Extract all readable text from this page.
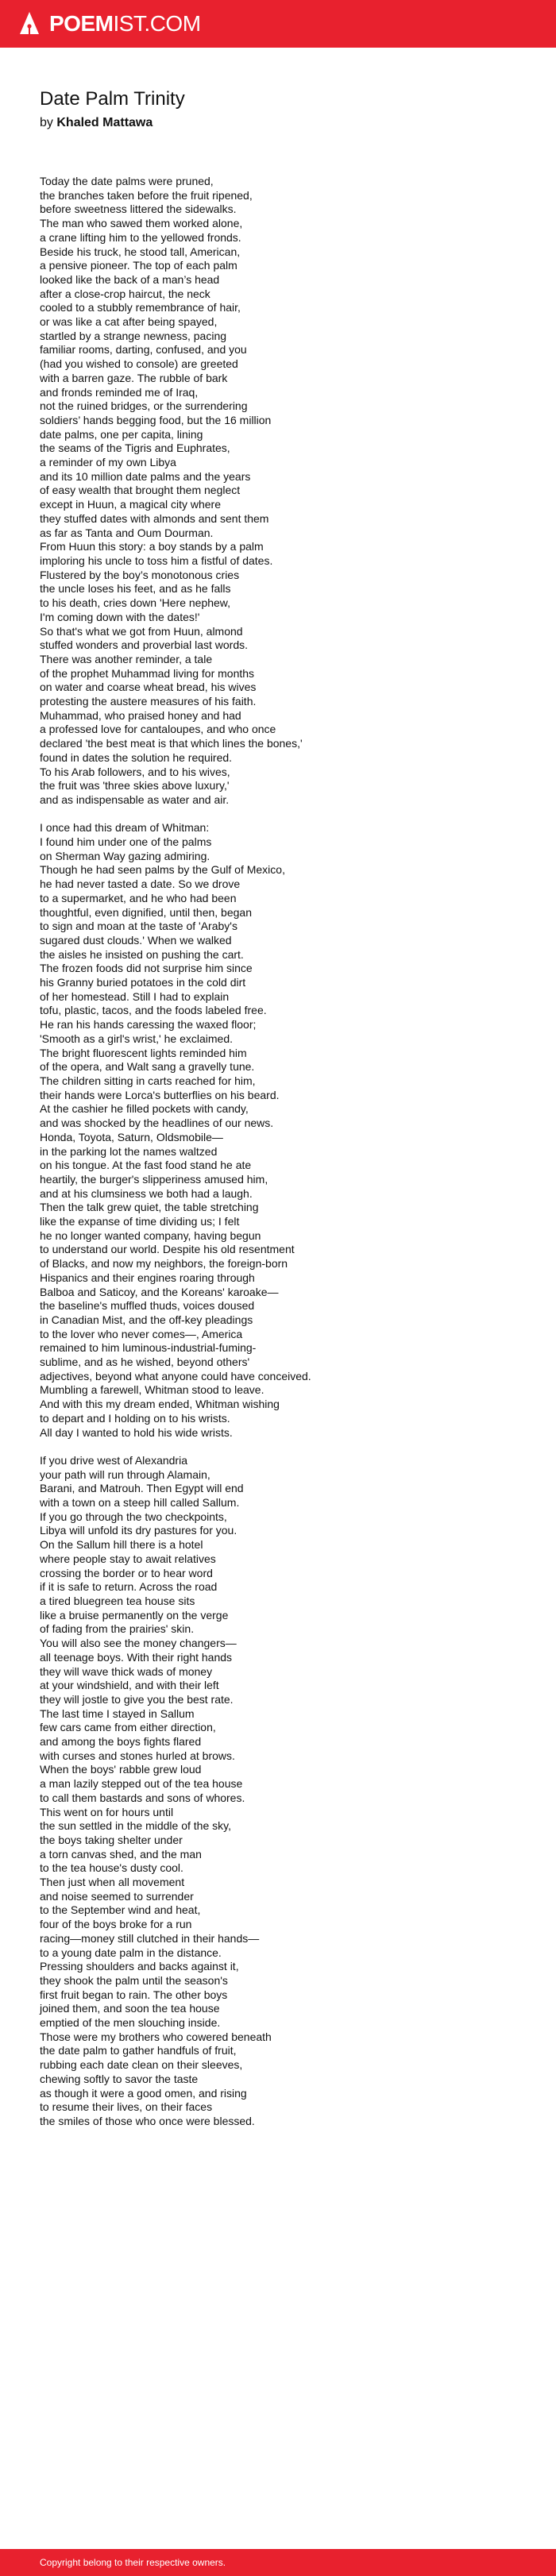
POEMIST.COM
Date Palm Trinity

by Khaled Mattawa

Today the date palms were pruned,
the branches taken before the fruit ripened,
before sweetness littered the sidewalks.
The man who sawed them worked alone,
a crane lifting him to the yellowed fronds.
Beside his truck, he stood tall, American,
a pensive pioneer. The top of each palm
looked like the back of a man’s head
after a close-crop haircut, the neck
cooled to a stubbly remembrance of hair,
or was like a cat after being spayed,
startled by a strange newness, pacing
familiar rooms, darting, confused, and you
(had you wished to console) are greeted
with a barren gaze. The rubble of bark
and fronds reminded me of Iraq,
not the ruined bridges, or the surrendering
soldiers’ hands begging food, but the 16 million
date palms, one per capita, lining
the seams of the Tigris and Euphrates,
a reminder of my own Libya
and its 10 million date palms and the years
of easy wealth that brought them neglect
except in Huun, a magical city where
they stuffed dates with almonds and sent them
as far as Tanta and Oum Dourman.
From Huun this story: a boy stands by a palm
imploring his uncle to toss him a fistful of dates.
Flustered by the boy’s monotonous cries
the uncle loses his feet, and as he falls
to his death, cries down 'Here nephew,
I'm coming down with the dates!'
So that's what we got from Huun, almond
stuffed wonders and proverbial last words.
There was another reminder, a tale
of the prophet Muhammad living for months
on water and coarse wheat bread, his wives
protesting the austere measures of his faith.
Muhammad, who praised honey and had
a professed love for cantaloupes, and who once
declared 'the best meat is that which lines the bones,'
found in dates the solution he required.
To his Arab followers, and to his wives,
the fruit was 'three skies above luxury,'
and as indispensable as water and air.
I once had this dream of Whitman:
I found him under one of the palms
on Sherman Way gazing admiring.
Though he had seen palms by the Gulf of Mexico,
he had never tasted a date. So we drove
to a supermarket, and he who had been
thoughtful, even dignified, until then, began
to sign and moan at the taste of 'Araby's
sugared dust clouds.' When we walked
the aisles he insisted on pushing the cart.
The frozen foods did not surprise him since
his Granny buried potatoes in the cold dirt
of her homestead. Still I had to explain
tofu, plastic, tacos, and the foods labeled free.
He ran his hands caressing the waxed floor;
'Smooth as a girl's wrist,' he exclaimed.
The bright fluorescent lights reminded him
of the opera, and Walt sang a gravelly tune.
The children sitting in carts reached for him,
their hands were Lorca's butterflies on his beard.
At the cashier he filled pockets with candy,
and was shocked by the headlines of our news.
Honda, Toyota, Saturn, Oldsmobile—
in the parking lot the names waltzed
on his tongue. At the fast food stand he ate
heartily, the burger's slipperiness amused him,
and at his clumsiness we both had a laugh.
Then the talk grew quiet, the table stretching
like the expanse of time dividing us; I felt
he no longer wanted company, having begun
to understand our world. Despite his old resentment
of Blacks, and now my neighbors, the foreign-born
Hispanics and their engines roaring through
Balboa and Saticoy, and the Koreans' karoake—
the baseline's muffled thuds, voices doused
in Canadian Mist, and the off-key pleadings
to the lover who never comes—, America
remained to him luminous-industrial-fuming-
sublime, and as he wished, beyond others'
adjectives, beyond what anyone could have conceived.
Mumbling a farewell, Whitman stood to leave.
And with this my dream ended, Whitman wishing
to depart and I holding on to his wrists.
All day I wanted to hold his wide wrists.
If you drive west of Alexandria
your path will run through Alamain,
Barani, and Matrouh. Then Egypt will end
with a town on a steep hill called Sallum.
If you go through the two checkpoints,
Libya will unfold its dry pastures for you.
On the Sallum hill there is a hotel
where people stay to await relatives
crossing the border or to hear word
if it is safe to return. Across the road
a tired bluegreen tea house sits
like a bruise permanently on the verge
of fading from the prairies' skin.
You will also see the money changers—
all teenage boys. With their right hands
they will wave thick wads of money
at your windshield, and with their left
they will jostle to give you the best rate.
The last time I stayed in Sallum
few cars came from either direction,
and among the boys fights flared
with curses and stones hurled at brows.
When the boys' rabble grew loud
a man lazily stepped out of the tea house
to call them bastards and sons of whores.
This went on for hours until
the sun settled in the middle of the sky,
the boys taking shelter under
a torn canvas shed, and the man
to the tea house's dusty cool.
Then just when all movement
and noise seemed to surrender
to the September wind and heat,
four of the boys broke for a run
racing—money still clutched in their hands—
to a young date palm in the distance.
Pressing shoulders and backs against it,
they shook the palm until the season's
first fruit began to rain. The other boys
joined them, and soon the tea house
emptied of the men slouching inside.
Those were my brothers who cowered beneath
the date palm to gather handfuls of fruit,
rubbing each date clean on their sleeves,
chewing softly to savor the taste
as though it were a good omen, and rising
to resume their lives, on their faces
the smiles of those who once were blessed.
Copyright belong to their respective owners.
